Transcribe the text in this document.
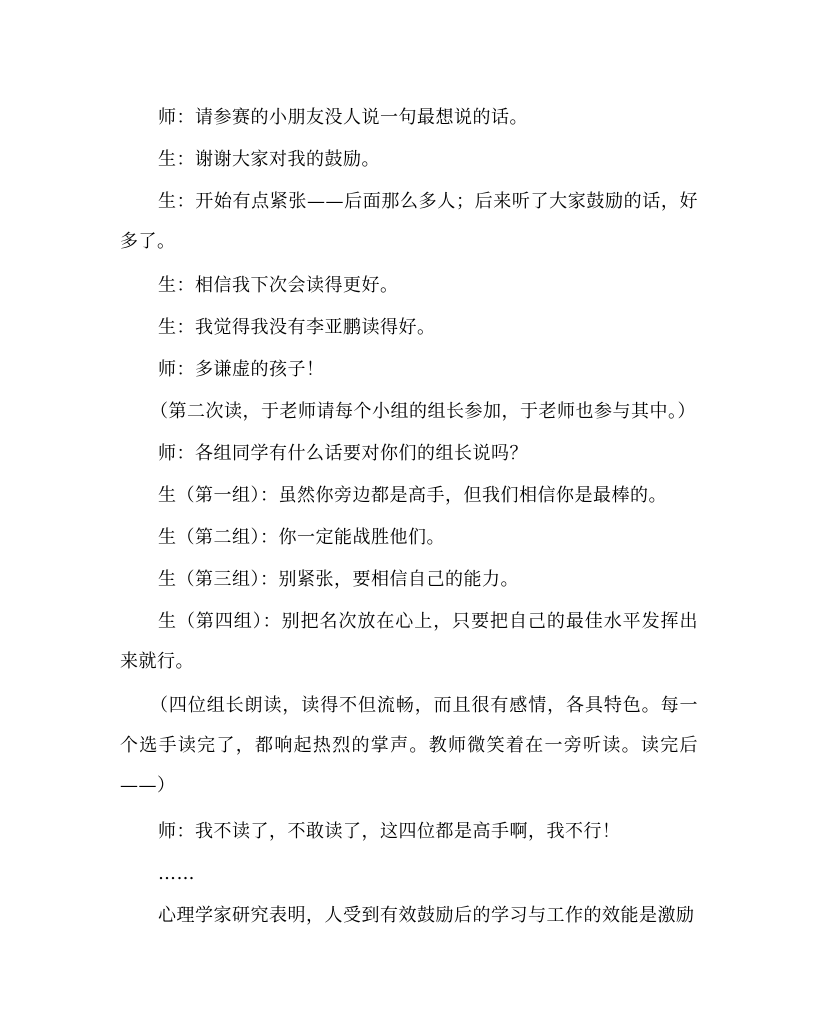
师：请参赛的小朋友没人说一句最想说的话。

生：谢谢大家对我的鼓励。

生：开始有点紧张——后面那么多人；后来听了大家鼓励的话，好多了。

生：相信我下次会读得更好。

生：我觉得我没有李亚鹏读得好。

师：多谦虚的孩子！

（第二次读，于老师请每个小组的组长参加，于老师也参与其中。）

师：各组同学有什么话要对你们的组长说吗？

生（第一组）：虽然你旁边都是高手，但我们相信你是最棒的。

生（第二组）：你一定能战胜他们。

生（第三组）：别紧张，要相信自己的能力。

生（第四组）：别把名次放在心上，只要把自己的最佳水平发挥出来就行。

（四位组长朗读，读得不但流畅，而且很有感情，各具特色。每一个选手读完了，都响起热烈的掌声。教师微笑着在一旁听读。读完后——）

师：我不读了，不敢读了，这四位都是高手啊，我不行！

……

心理学家研究表明，人受到有效鼓励后的学习与工作的效能是激励
